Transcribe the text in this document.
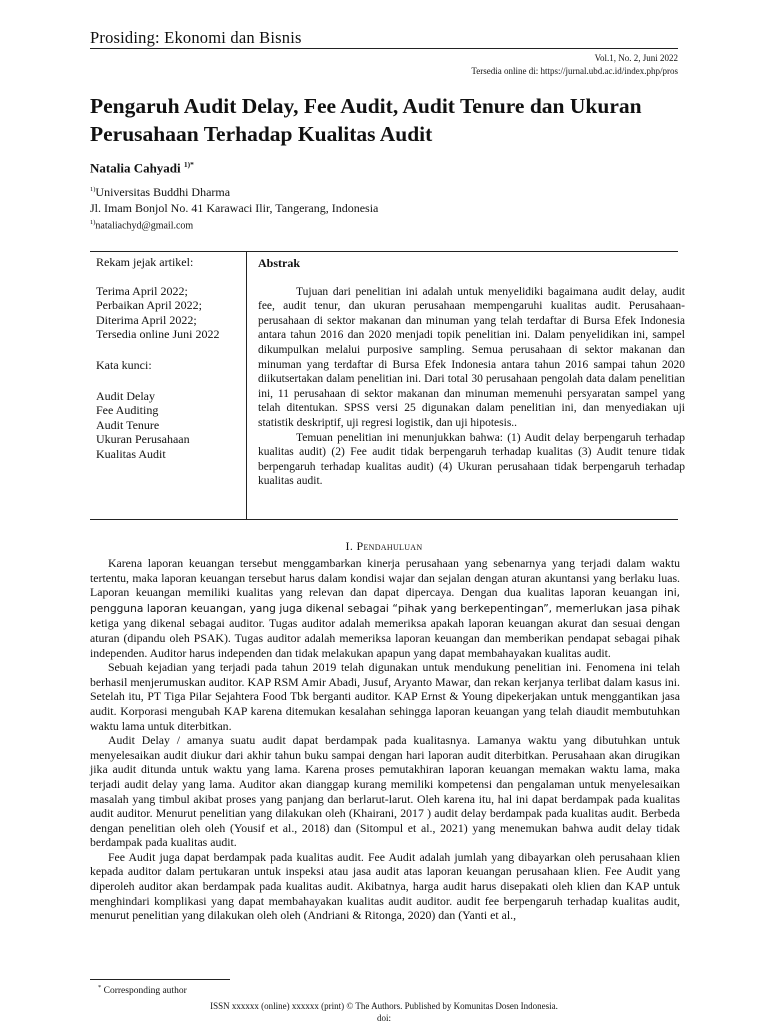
Prosiding: Ekonomi dan Bisnis
Vol.1, No. 2, Juni 2022
Tersedia online di: https://jurnal.ubd.ac.id/index.php/pros
Pengaruh Audit Delay, Fee Audit, Audit Tenure dan Ukuran Perusahaan Terhadap Kualitas Audit
Natalia Cahyadi $^{1)*}$
$^{1)}$Universitas Buddhi Dharma
Jl. Imam Bonjol No. 41 Karawaci Ilir, Tangerang, Indonesia
$^{1)}$nataliachyd@gmail.com
Rekam jejak artikel:
Terima April 2022;
Perbaikan April 2022;
Diterima April 2022;
Tersedia online Juni 2022
Kata kunci:
Audit Delay
Fee Auditing
Audit Tenure
Ukuran Perusahaan
Kualitas Audit
Abstrak

Tujuan dari penelitian ini adalah untuk menyelidiki bagaimana audit delay, audit fee, audit tenur, dan ukuran perusahaan mempengaruhi kualitas audit. Perusahaan-perusahaan di sektor makanan dan minuman yang telah terdaftar di Bursa Efek Indonesia antara tahun 2016 dan 2020 menjadi topik penelitian ini. Dalam penyelidikan ini, sampel dikumpulkan melalui purposive sampling. Semua perusahaan di sektor makanan dan minuman yang terdaftar di Bursa Efek Indonesia antara tahun 2016 sampai tahun 2020 diikutsertakan dalam penelitian ini. Dari total 30 perusahaan pengolah data dalam penelitian ini, 11 perusahaan di sektor makanan dan minuman memenuhi persyaratan sampel yang telah ditentukan. SPSS versi 25 digunakan dalam penelitian ini, dan menyediakan uji statistik deskriptif, uji regresi logistik, dan uji hipotesis..

Temuan penelitian ini menunjukkan bahwa: (1) Audit delay berpengaruh terhadap kualitas audit) (2) Fee audit tidak berpengaruh terhadap kualitas (3) Audit tenure tidak berpengaruh terhadap kualitas audit) (4) Ukuran perusahaan tidak berpengaruh terhadap kualitas audit.

I. Pendahuluan

Karena laporan keuangan tersebut menggambarkan kinerja perusahaan yang sebenarnya yang terjadi dalam waktu tertentu, maka laporan keuangan tersebut harus dalam kondisi wajar dan sejalan dengan aturan akuntansi yang berlaku luas. Laporan keuangan memiliki kualitas yang relevan dan dapat dipercaya. Dengan dua kualitas laporan keuangan ini, pengguna laporan keuangan, yang juga dikenal sebagai “pihak yang berkepentingan”, memerlukan jasa pihak ketiga yang dikenal sebagai auditor. Tugas auditor adalah memeriksa apakah laporan keuangan akurat dan sesuai dengan aturan (dipandu oleh PSAK). Tugas auditor adalah memeriksa laporan keuangan dan memberikan pendapat sebagai pihak independen. Auditor harus independen dan tidak melakukan apapun yang dapat membahayakan kualitas audit.

Sebuah kejadian yang terjadi pada tahun 2019 telah digunakan untuk mendukung penelitian ini. Fenomena ini telah berhasil menjerumuskan auditor. KAP RSM Amir Abadi, Jusuf, Aryanto Mawar, dan rekan kerjanya terlibat dalam kasus ini. Setelah itu, PT Tiga Pilar Sejahtera Food Tbk berganti auditor. KAP Ernst & Young dipekerjakan untuk menggantikan jasa audit. Korporasi mengubah KAP karena ditemukan kesalahan sehingga laporan keuangan yang telah diaudit membutuhkan waktu lama untuk diterbitkan.

Audit Delay / amanya suatu audit dapat berdampak pada kualitasnya. Lamanya waktu yang dibutuhkan untuk menyelesaikan audit diukur dari akhir tahun buku sampai dengan hari laporan audit diterbitkan. Perusahaan akan dirugikan jika audit ditunda untuk waktu yang lama. Karena proses pemutakhiran laporan keuangan memakan waktu lama, maka terjadi audit delay yang lama. Auditor akan dianggap kurang memiliki kompetensi dan pengalaman untuk menyelesaikan masalah yang timbul akibat proses yang panjang dan berlarut-larut. Oleh karena itu, hal ini dapat berdampak pada kualitas audit auditor. Menurut penelitian yang dilakukan oleh (Khairani, 2017 ) audit delay berdampak pada kualitas audit. Berbeda dengan penelitian oleh oleh (Yousif et al., 2018) dan (Sitompul et al., 2021) yang menemukan bahwa audit delay tidak berdampak pada kualitas audit.

Fee Audit juga dapat berdampak pada kualitas audit. Fee Audit adalah jumlah yang dibayarkan oleh perusahaan klien kepada auditor dalam pertukaran untuk inspeksi atau jasa audit atas laporan keuangan perusahaan klien. Fee Audit yang diperoleh auditor akan berdampak pada kualitas audit. Akibatnya, harga audit harus disepakati oleh klien dan KAP untuk menghindari komplikasi yang dapat membahayakan kualitas audit auditor. audit fee berpengaruh terhadap kualitas audit, menurut penelitian yang dilakukan oleh oleh (Andriani & Ritonga, 2020) dan (Yanti et al.,

* Corresponding author
ISSN xxxxxx (online) xxxxxx (print) © The Authors. Published by Komunitas Dosen Indonesia.
doi:
